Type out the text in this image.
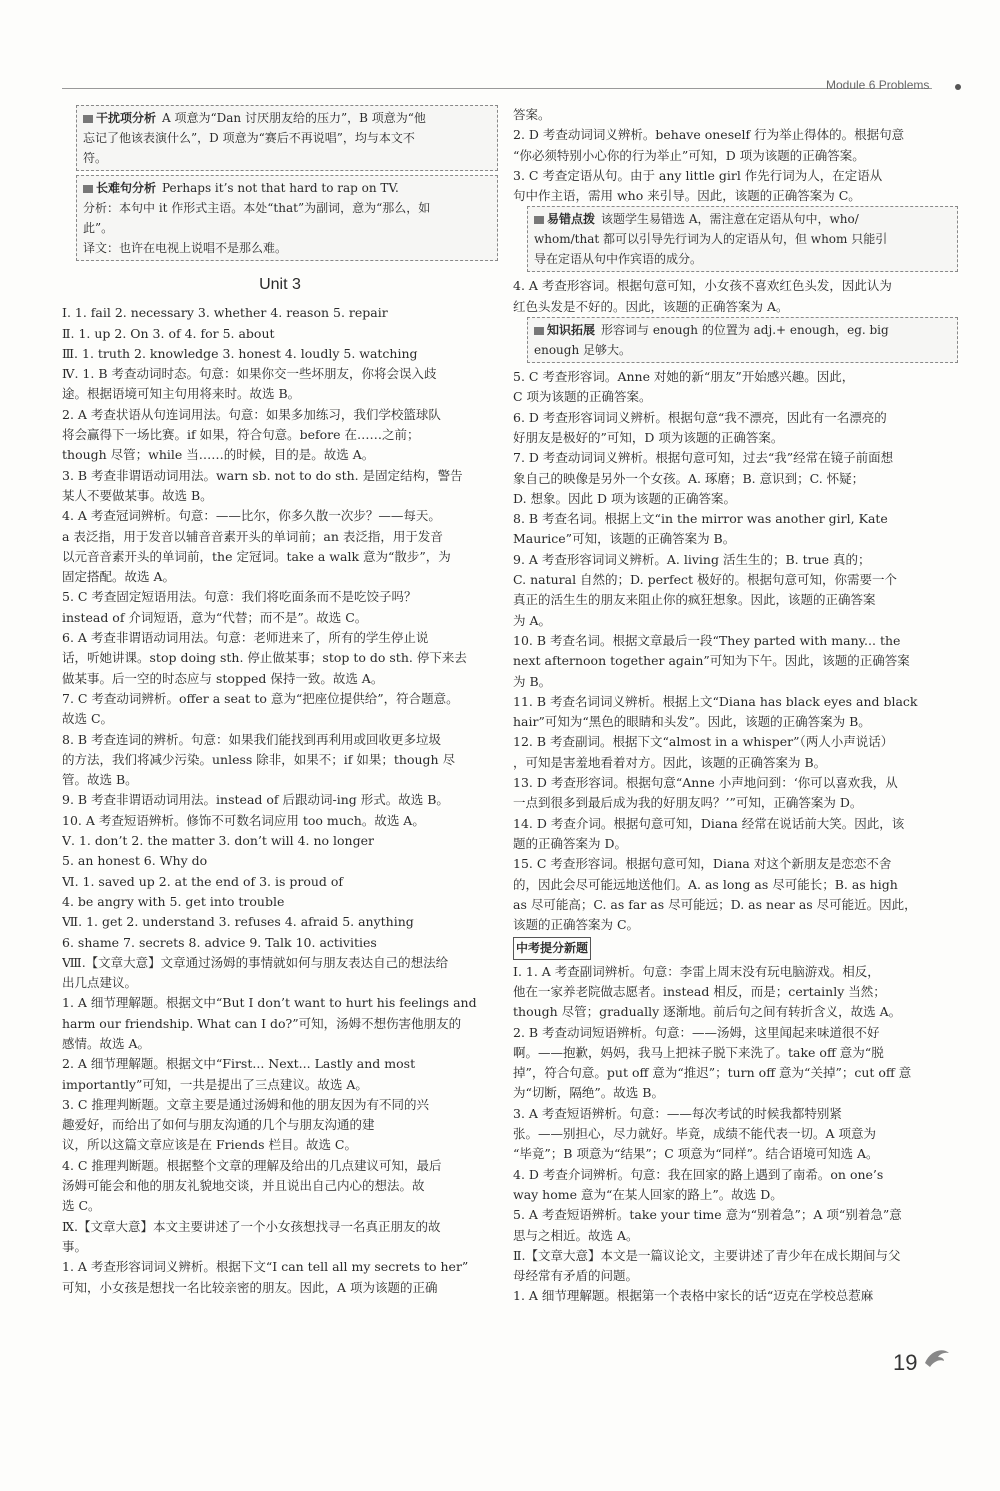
Module 6 Problems
干扰项分析 A 项意为“Dan 讨厌朋友给的压力”，B 项意为“他
忘记了他该表演什么”，D 项意为“赛后不再说唱”，均与本文不
符。
长难句分析 Perhaps it’s not that hard to rap on TV.
分析：本句中 it 作形式主语。本处“that”为副词，意为“那么，如
此”。
译文：也许在电视上说唱不是那么难。
Unit 3
Ⅰ. 1. fail 2. necessary 3. whether 4. reason 5. repair
Ⅱ. 1. up 2. On 3. of 4. for 5. about
Ⅲ. 1. truth 2. knowledge 3. honest 4. loudly 5. watching
Ⅳ. 1. B 考查动词时态。句意：如果你交一些坏朋友，你将会误入歧
途。根据语境可知主句用将来时。故选 B。
2. A 考查状语从句连词用法。句意：如果多加练习，我们学校篮球队
将会赢得下一场比赛。if 如果，符合句意。before 在……之前；
though 尽管；while 当……的时候，目的是。故选 A。
3. B 考查非谓语动词用法。warn sb. not to do sth. 是固定结构，警告
某人不要做某事。故选 B。
4. A 考查冠词辨析。句意：——比尔，你多久散一次步？——每天。
a 表泛指，用于发音以辅音音素开头的单词前；an 表泛指，用于发音
以元音音素开头的单词前，the 定冠词。take a walk 意为“散步”，为
固定搭配。故选 A。
5. C 考查固定短语用法。句意：我们将吃面条而不是吃饺子吗？
instead of 介词短语，意为“代替；而不是”。故选 C。
6. A 考查非谓语动词用法。句意：老师进来了，所有的学生停止说
话，听她讲课。stop doing sth. 停止做某事；stop to do sth. 停下来去
做某事。后一空的时态应与 stopped 保持一致。故选 A。
7. C 考查动词辨析。offer a seat to 意为“把座位提供给”，符合题意。
故选 C。
8. B 考查连词的辨析。句意：如果我们能找到再利用或回收更多垃圾
的方法，我们将减少污染。unless 除非，如果不；if 如果；though 尽
管。故选 B。
9. B 考查非谓语动词用法。instead of 后跟动词-ing 形式。故选 B。
10. A 考查短语辨析。修饰不可数名词应用 too much。故选 A。
Ⅴ. 1. don’t 2. the matter 3. don’t will 4. no longer
5. an honest 6. Why do
Ⅵ. 1. saved up 2. at the end of 3. is proud of
4. be angry with 5. get into trouble
Ⅶ. 1. get 2. understand 3. refuses 4. afraid 5. anything
6. shame 7. secrets 8. advice 9. Talk 10. activities
Ⅷ.【文章大意】文章通过汤姆的事情就如何与朋友表达自己的想法给
出几点建议。
1. A 细节理解题。根据文中“But I don’t want to hurt his feelings and
harm our friendship. What can I do?”可知，汤姆不想伤害他朋友的
感情。故选 A。
2. A 细节理解题。根据文中“First... Next... Lastly and most
importantly”可知，一共是提出了三点建议。故选 A。
3. C 推理判断题。文章主要是通过汤姆和他的朋友因为有不同的兴
趣爱好，而给出了如何与朋友沟通的几个与朋友沟通的建
议，所以这篇文章应该是在 Friends 栏目。故选 C。
4. C 推理判断题。根据整个文章的理解及给出的几点建议可知，最后
汤姆可能会和他的朋友礼貌地交谈，并且说出自己内心的想法。故
选 C。
Ⅸ.【文章大意】本文主要讲述了一个小女孩想找寻一名真正朋友的故
事。
1. A 考查形容词词义辨析。根据下文“I can tell all my secrets to her”
可知，小女孩是想找一名比较亲密的朋友。因此，A 项为该题的正确
答案。
2. D 考查动词词义辨析。behave oneself 行为举止得体的。根据句意
“你必须特别小心你的行为举止”可知，D 项为该题的正确答案。
3. C 考查定语从句。由于 any little girl 作先行词为人，在定语从
句中作主语，需用 who 来引导。因此，该题的正确答案为 C。
易错点拨 该题学生易错选 A，需注意在定语从句中，who/
whom/that 都可以引导先行词为人的定语从句，但 whom 只能引
导在定语从句中作宾语的成分。
4. A 考查形容词。根据句意可知，小女孩不喜欢红色头发，因此认为
红色头发是不好的。因此，该题的正确答案为 A。
知识拓展 形容词与 enough 的位置为 adj.+ enough，eg. big
enough 足够大。
5. C 考查形容词。Anne 对她的新“朋友”开始感兴趣。因此，
C 项为该题的正确答案。
6. D 考查形容词词义辨析。根据句意“我不漂亮，因此有一名漂亮的
好朋友是极好的”可知，D 项为该题的正确答案。
7. D 考查动词词义辨析。根据句意可知，过去“我”经常在镜子前面想
象自己的映像是另外一个女孩。A. 琢磨；B. 意识到；C. 怀疑；
D. 想象。因此 D 项为该题的正确答案。
8. B 考查名词。根据上文“in the mirror was another girl, Kate
Maurice”可知，该题的正确答案为 B。
9. A 考查形容词词义辨析。A. living 活生生的；B. true 真的；
C. natural 自然的；D. perfect 极好的。根据句意可知，你需要一个
真正的活生生的朋友来阻止你的疯狂想象。因此，该题的正确答案
为 A。
10. B 考查名词。根据文章最后一段“They parted with many... the
next afternoon together again”可知为下午。因此，该题的正确答案
为 B。
11. B 考查名词词义辨析。根据上文“Diana has black eyes and black
hair”可知为“黑色的眼睛和头发”。因此，该题的正确答案为 B。
12. B 考查副词。根据下文“almost in a whisper”（两人小声说话）
，可知是害羞地看着对方。因此，该题的正确答案为 B。
13. D 考查形容词。根据句意“Anne 小声地问到：‘你可以喜欢我，从
一点到很多到最后成为我的好朋友吗？’”可知，正确答案为 D。
14. D 考查介词。根据句意可知，Diana 经常在说话前大笑。因此，该
题的正确答案为 D。
15. C 考查形容词。根据句意可知，Diana 对这个新朋友是恋恋不舍
的，因此会尽可能远地送他们。A. as long as 尽可能长；B. as high
as 尽可能高；C. as far as 尽可能远；D. as near as 尽可能近。因此，
该题的正确答案为 C。
中考提分新题
Ⅰ. 1. A 考查副词辨析。句意：李雷上周末没有玩电脑游戏。相反，
他在一家养老院做志愿者。instead 相反，而是；certainly 当然；
though 尽管；gradually 逐渐地。前后句之间有转折含义，故选 A。
2. B 考查动词短语辨析。句意：——汤姆，这里闻起来味道很不好
啊。——抱歉，妈妈，我马上把袜子脱下来洗了。take off 意为“脱
掉”，符合句意。put off 意为“推迟”；turn off 意为“关掉”；cut off 意
为“切断，隔绝”。故选 B。
3. A 考查短语辨析。句意：——每次考试的时候我都特别紧
张。——别担心，尽力就好。毕竟，成绩不能代表一切。A 项意为
“毕竟”；B 项意为“结果”；C 项意为“同样”。结合语境可知选 A。
4. D 考查介词辨析。句意：我在回家的路上遇到了南希。on one’s
way home 意为“在某人回家的路上”。故选 D。
5. A 考查短语辨析。take your time 意为“别着急”；A 项“别着急”意
思与之相近。故选 A。
Ⅱ.【文章大意】本文是一篇议论文，主要讲述了青少年在成长期间与父
母经常有矛盾的问题。
1. A 细节理解题。根据第一个表格中家长的话“迈克在学校总惹麻
19
